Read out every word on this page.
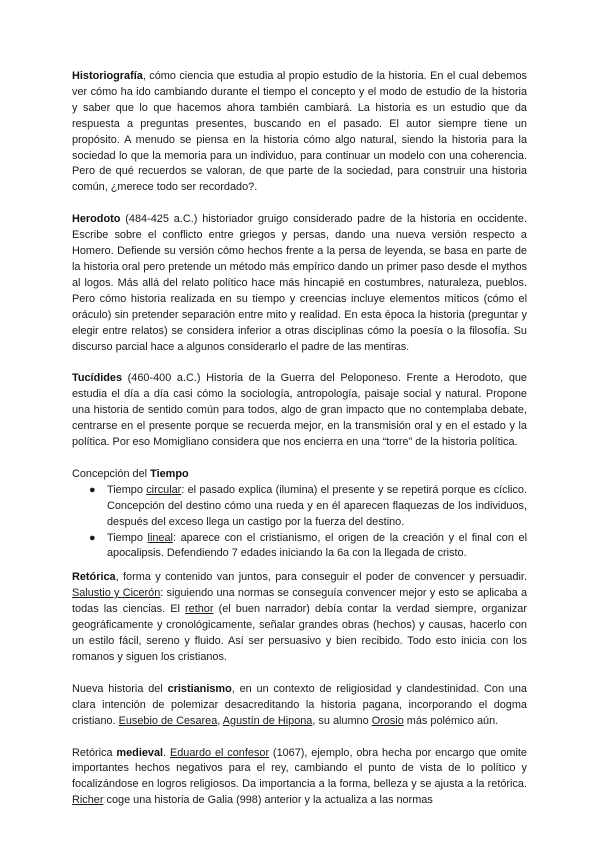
Historiografía, cómo ciencia que estudia al propio estudio de la historia. En el cual debemos ver cómo ha ido cambiando durante el tiempo el concepto y el modo de estudio de la historia y saber que lo que hacemos ahora también cambiará. La historia es un estudio que da respuesta a preguntas presentes, buscando en el pasado. El autor siempre tiene un propósito. A menudo se piensa en la historia cómo algo natural, siendo la historia para la sociedad lo que la memoria para un individuo, para continuar un modelo con una coherencia. Pero de qué recuerdos se valoran, de que parte de la sociedad, para construir una historia común, ¿merece todo ser recordado?.

Herodoto (484-425 a.C.) historiador gruigo considerado padre de la historia en occidente. Escribe sobre el conflicto entre griegos y persas, dando una nueva versión respecto a Homero. Defiende su versión cómo hechos frente a la persa de leyenda, se basa en parte de la historia oral pero pretende un método más empírico dando un primer paso desde el mythos al logos. Más allá del relato político hace más hincapié en costumbres, naturaleza, pueblos. Pero cómo historia realizada en su tiempo y creencias incluye elementos míticos (cómo el oráculo) sin pretender separación entre mito y realidad. En esta época la historia (preguntar y elegir entre relatos) se considera inferior a otras disciplinas cómo la poesía o la filosofía. Su discurso parcial hace a algunos considerarlo el padre de las mentiras.

Tucídides (460-400 a.C.) Historia de la Guerra del Peloponeso. Frente a Herodoto, que estudia el día a día casi cómo la sociología, antropología, paisaje social y natural. Propone una historia de sentido común para todos, algo de gran impacto que no contemplaba debate, centrarse en el presente porque se recuerda mejor, en la transmisión oral y en el estado y la política. Por eso Momigliano considera que nos encierra en una “torre” de la historia política.

Concepción del Tiempo

● Tiempo circular: el pasado explica (ilumina) el presente y se repetirá porque es cíclico. Concepción del destino cómo una rueda y en él aparecen flaquezas de los individuos, después del exceso llega un castigo por la fuerza del destino.
● Tiempo lineal: aparece con el cristianismo, el origen de la creación y el final con el apocalipsis. Defendiendo 7 edades iniciando la 6a con la llegada de cristo.

Retórica, forma y contenido van juntos, para conseguir el poder de convencer y persuadir. Salustio y Cicerón: siguiendo una normas se conseguía convencer mejor y esto se aplicaba a todas las ciencias. El rethor (el buen narrador) debía contar la verdad siempre, organizar geográficamente y cronológicamente, señalar grandes obras (hechos) y causas, hacerlo con un estilo fácil, sereno y fluido. Así ser persuasivo y bien recibido. Todo esto inicia con los romanos y siguen los cristianos.

Nueva historia del cristianismo, en un contexto de religiosidad y clandestinidad. Con una clara intención de polemizar desacreditando la historia pagana, incorporando el dogma cristiano. Eusebio de Cesarea, Agustín de Hipona, su alumno Orosio más polémico aún.

Retórica medieval. Eduardo el confesor (1067), ejemplo, obra hecha por encargo que omite importantes hechos negativos para el rey, cambiando el punto de vista de lo político y focalizándose en logros religiosos. Da importancia a la forma, belleza y se ajusta a la retórica. Richer coge una historia de Galia (998) anterior y la actualiza a las normas
